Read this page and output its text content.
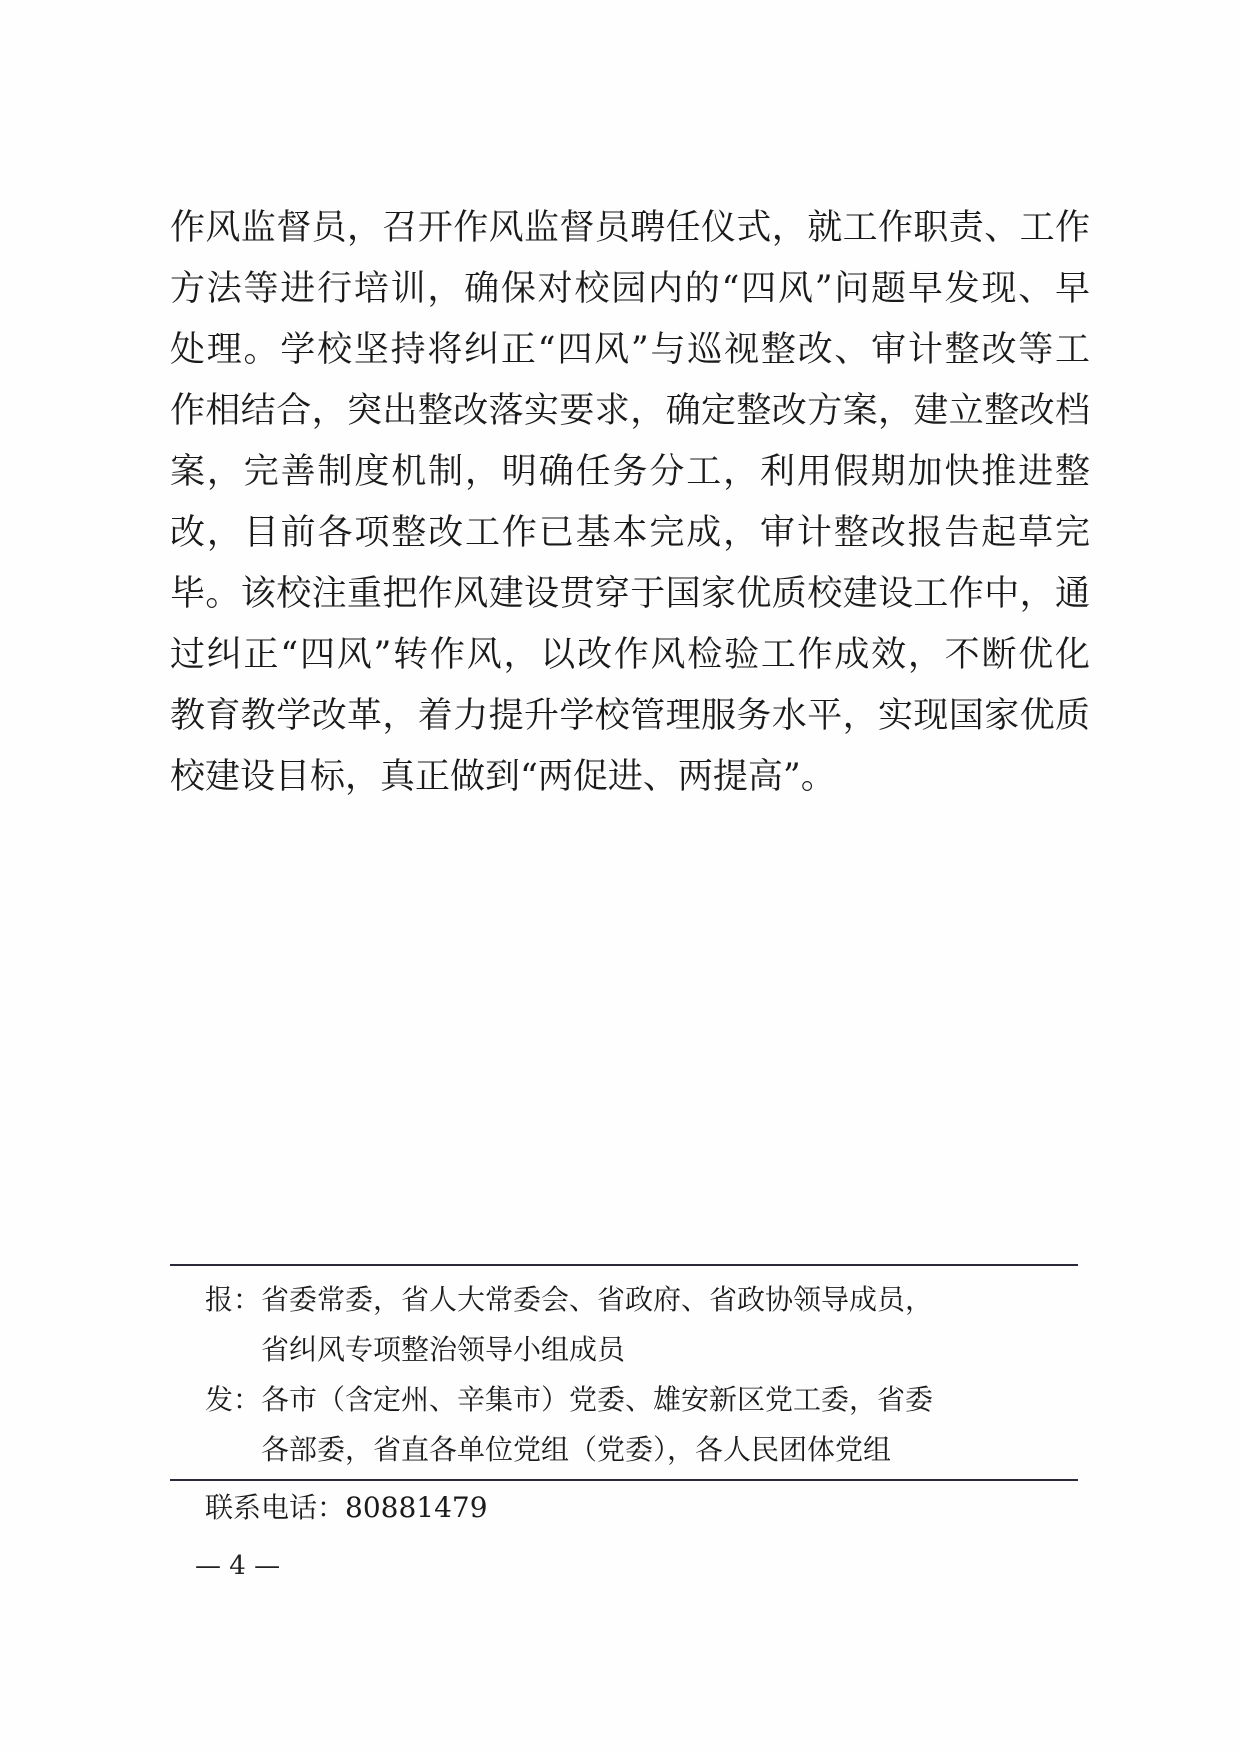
作风监督员，召开作风监督员聘任仪式，就工作职责、工作
方法等进行培训，确保对校园内的“四风”问题早发现、早
处理。学校坚持将纠正“四风”与巡视整改、审计整改等工
作相结合，突出整改落实要求，确定整改方案，建立整改档
案，完善制度机制，明确任务分工，利用假期加快推进整
改，目前各项整改工作已基本完成，审计整改报告起草完
毕。该校注重把作风建设贯穿于国家优质校建设工作中，通
过纠正“四风”转作风，以改作风检验工作成效，不断优化
教育教学改革，着力提升学校管理服务水平，实现国家优质
校建设目标，真正做到“两促进、两提高”。
报：省委常委，省人大常委会、省政府、省政协领导成员，
省纠风专项整治领导小组成员
发：各市（含定州、辛集市）党委、雄安新区党工委，省委
各部委，省直各单位党组（党委），各人民团体党组
联系电话：80881479
— 4 —
